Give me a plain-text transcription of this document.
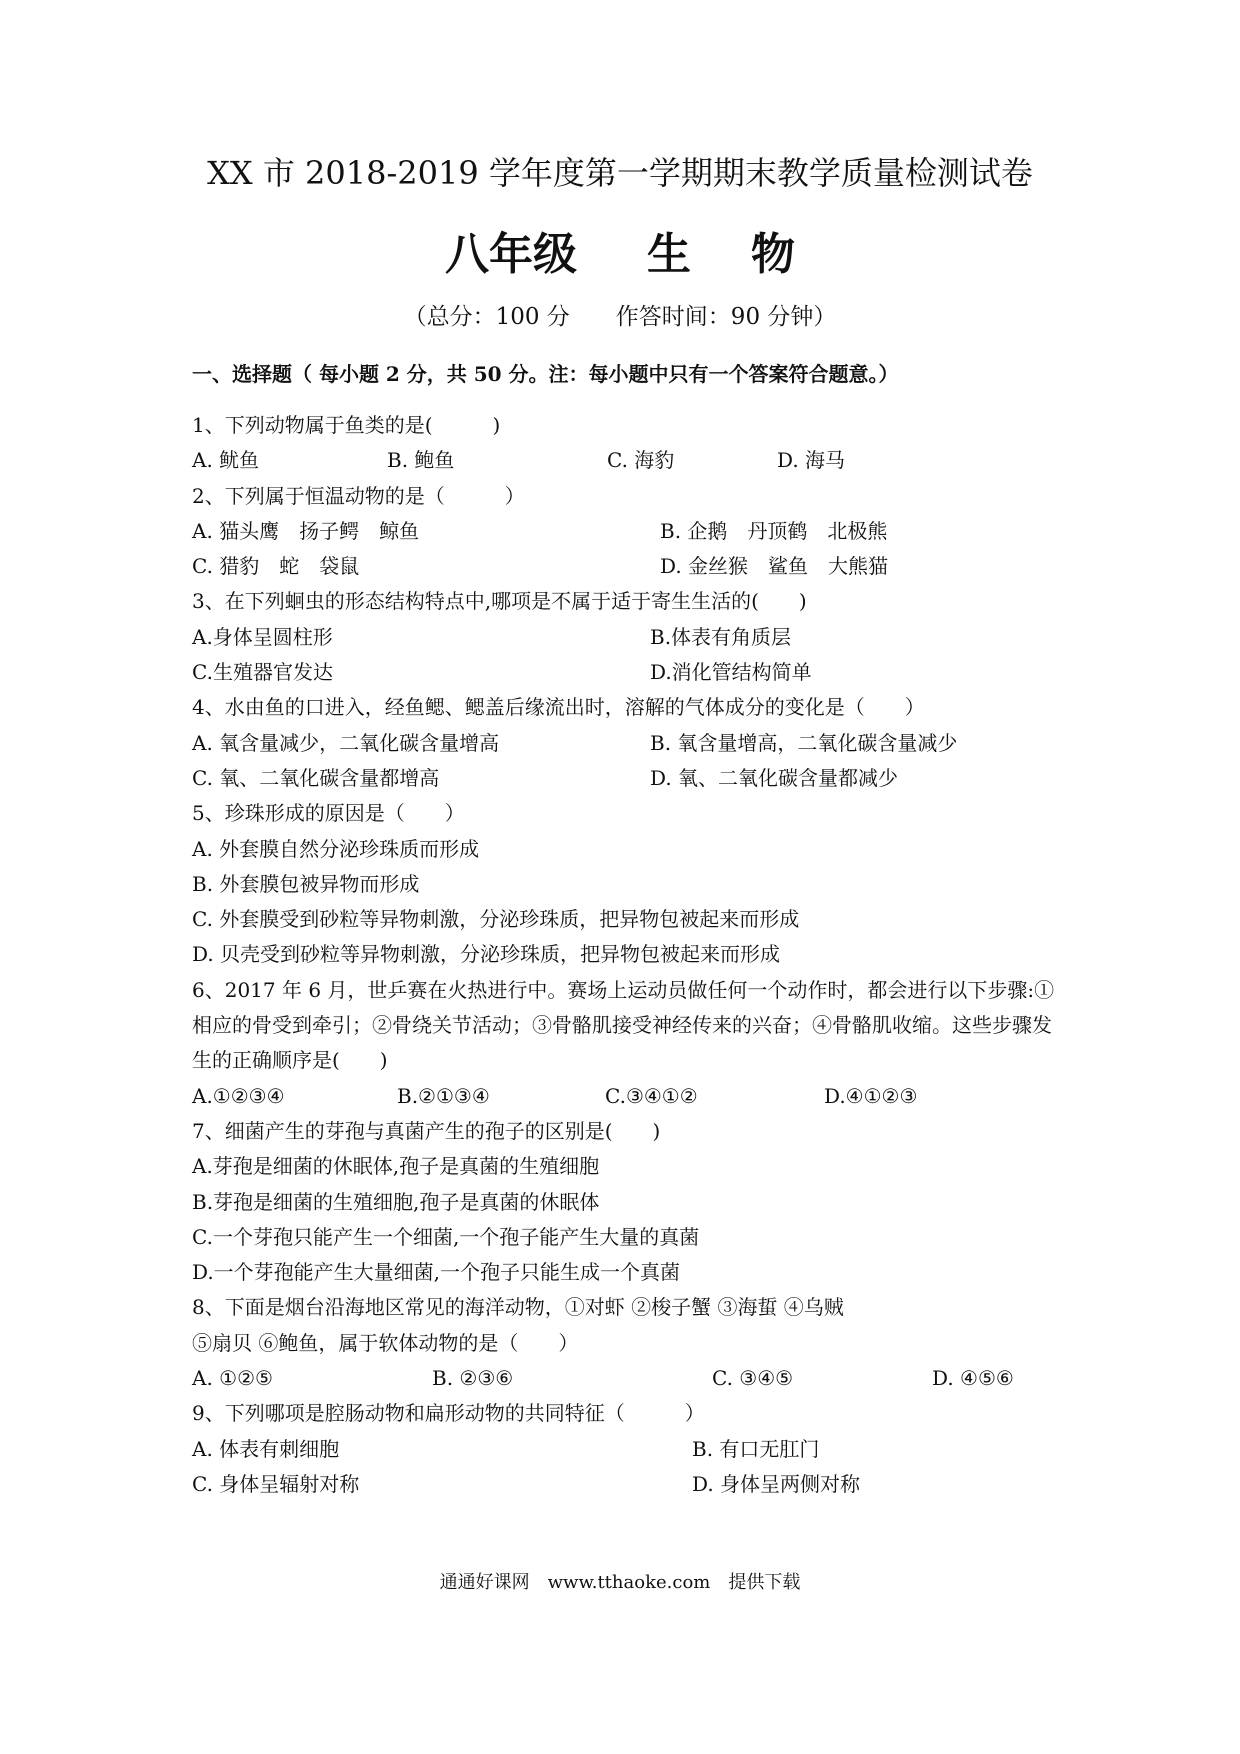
XX 市 2018-2019 学年度第一学期期末教学质量检测试卷
八年级 生 物
（总分：100 分　　作答时间：90 分钟）
一、选择题（ 每小题 2 分，共 50 分。注：每小题中只有一个答案符合题意。）
1、下列动物属于鱼类的是(　　　)
A. 鱿鱼	B. 鲍鱼	C. 海豹	D. 海马
2、下列属于恒温动物的是（　　　）
A. 猫头鹰　扬子鳄　鲸鱼	B. 企鹅　丹顶鹤　北极熊
C. 猎豹　蛇　袋鼠	D. 金丝猴　鲨鱼　大熊猫
3、在下列蛔虫的形态结构特点中,哪项是不属于适于寄生生活的(　　)
A.身体呈圆柱形	B.体表有角质层
C.生殖器官发达	D.消化管结构简单
4、水由鱼的口进入，经鱼鳃、鳃盖后缘流出时，溶解的气体成分的变化是（　　）
A. 氧含量减少，二氧化碳含量增高	B. 氧含量增高，二氧化碳含量减少
C. 氧、二氧化碳含量都增高	D. 氧、二氧化碳含量都减少
5、珍珠形成的原因是（　　）
A. 外套膜自然分泌珍珠质而形成
B. 外套膜包被异物而形成
C. 外套膜受到砂粒等异物刺激，分泌珍珠质，把异物包被起来而形成
D. 贝壳受到砂粒等异物刺激，分泌珍珠质，把异物包被起来而形成
6、2017 年 6 月，世乒赛在火热进行中。赛场上运动员做任何一个动作时，都会进行以下步骤:①
相应的骨受到牵引；②骨绕关节活动；③骨骼肌接受神经传来的兴奋；④骨骼肌收缩。这些步骤发
生的正确顺序是(　　)
A.①②③④	B.②①③④	C.③④①②	D.④①②③
7、细菌产生的芽孢与真菌产生的孢子的区别是(　　)
A.芽孢是细菌的休眠体,孢子是真菌的生殖细胞
B.芽孢是细菌的生殖细胞,孢子是真菌的休眠体
C.一个芽孢只能产生一个细菌,一个孢子能产生大量的真菌
D.一个芽孢能产生大量细菌,一个孢子只能生成一个真菌
8、下面是烟台沿海地区常见的海洋动物，①对虾 ②梭子蟹 ③海蜇 ④乌贼
⑤扇贝 ⑥鲍鱼，属于软体动物的是（　　）
A. ①②⑤	B. ②③⑥	C. ③④⑤	D. ④⑤⑥
9、下列哪项是腔肠动物和扁形动物的共同特征（　　　）
A. 体表有刺细胞	B. 有口无肛门
C. 身体呈辐射对称	D. 身体呈两侧对称
通通好课网　www.tthaoke.com　提供下载
